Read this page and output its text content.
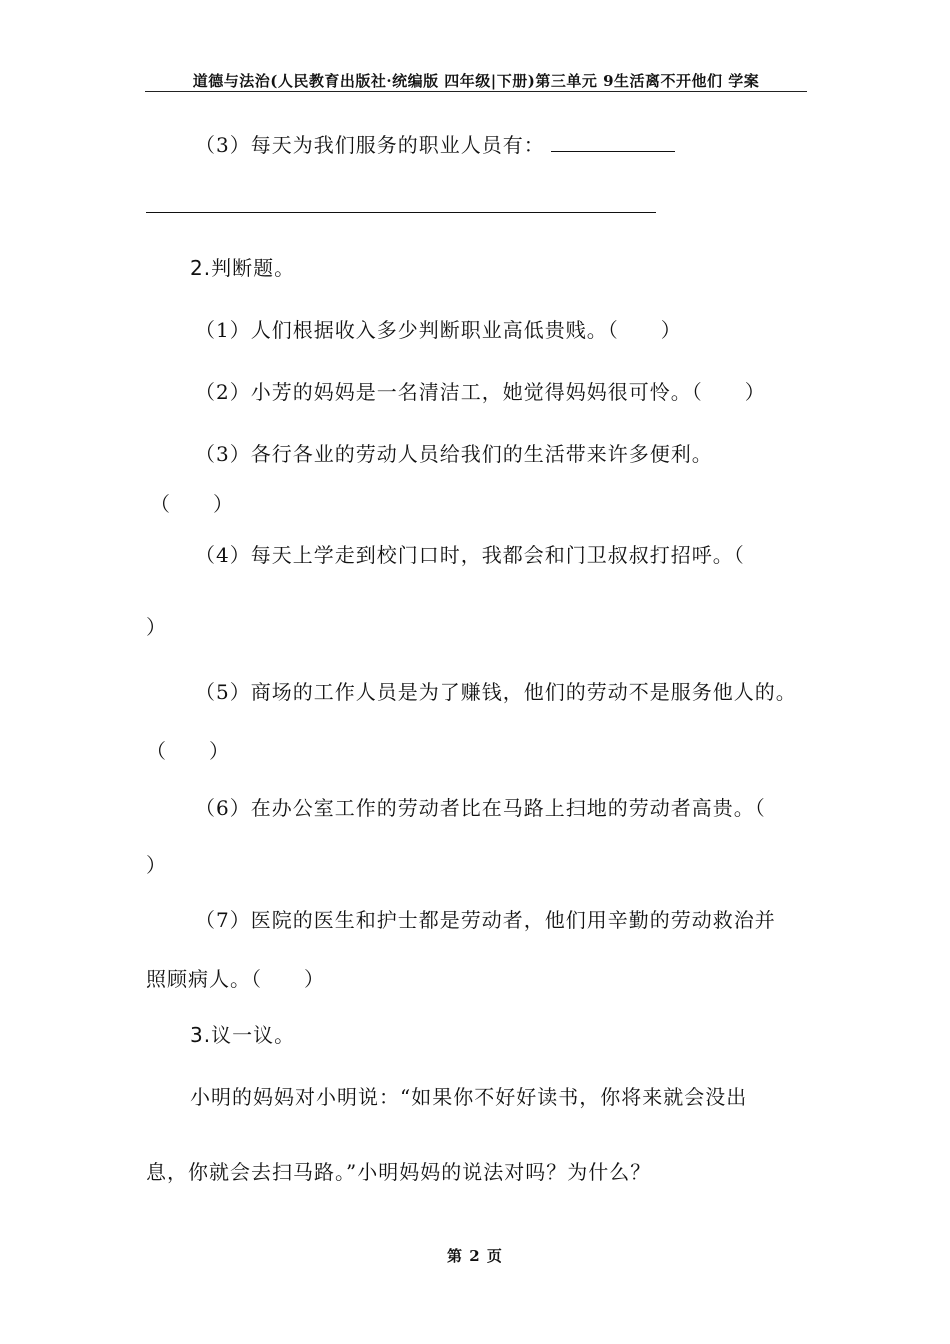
道德与法治(人民教育出版社·统编版 四年级|下册)第三单元 9生活离不开他们 学案
（3）每天为我们服务的职业人员有：
2.判断题。
（1）人们根据收入多少判断职业高低贵贱。（　　）
（2）小芳的妈妈是一名清洁工，她觉得妈妈很可怜。（　　）
（3）各行各业的劳动人员给我们的生活带来许多便利。
（　　）
（4）每天上学走到校门口时，我都会和门卫叔叔打招呼。（
）
（5）商场的工作人员是为了赚钱，他们的劳动不是服务他人的。
（　　）
（6）在办公室工作的劳动者比在马路上扫地的劳动者高贵。（
）
（7）医院的医生和护士都是劳动者，他们用辛勤的劳动救治并
照顾病人。（　　）
3.议一议。
小明的妈妈对小明说：“如果你不好好读书，你将来就会没出
息，你就会去扫马路。”小明妈妈的说法对吗？为什么？
第 2 页
